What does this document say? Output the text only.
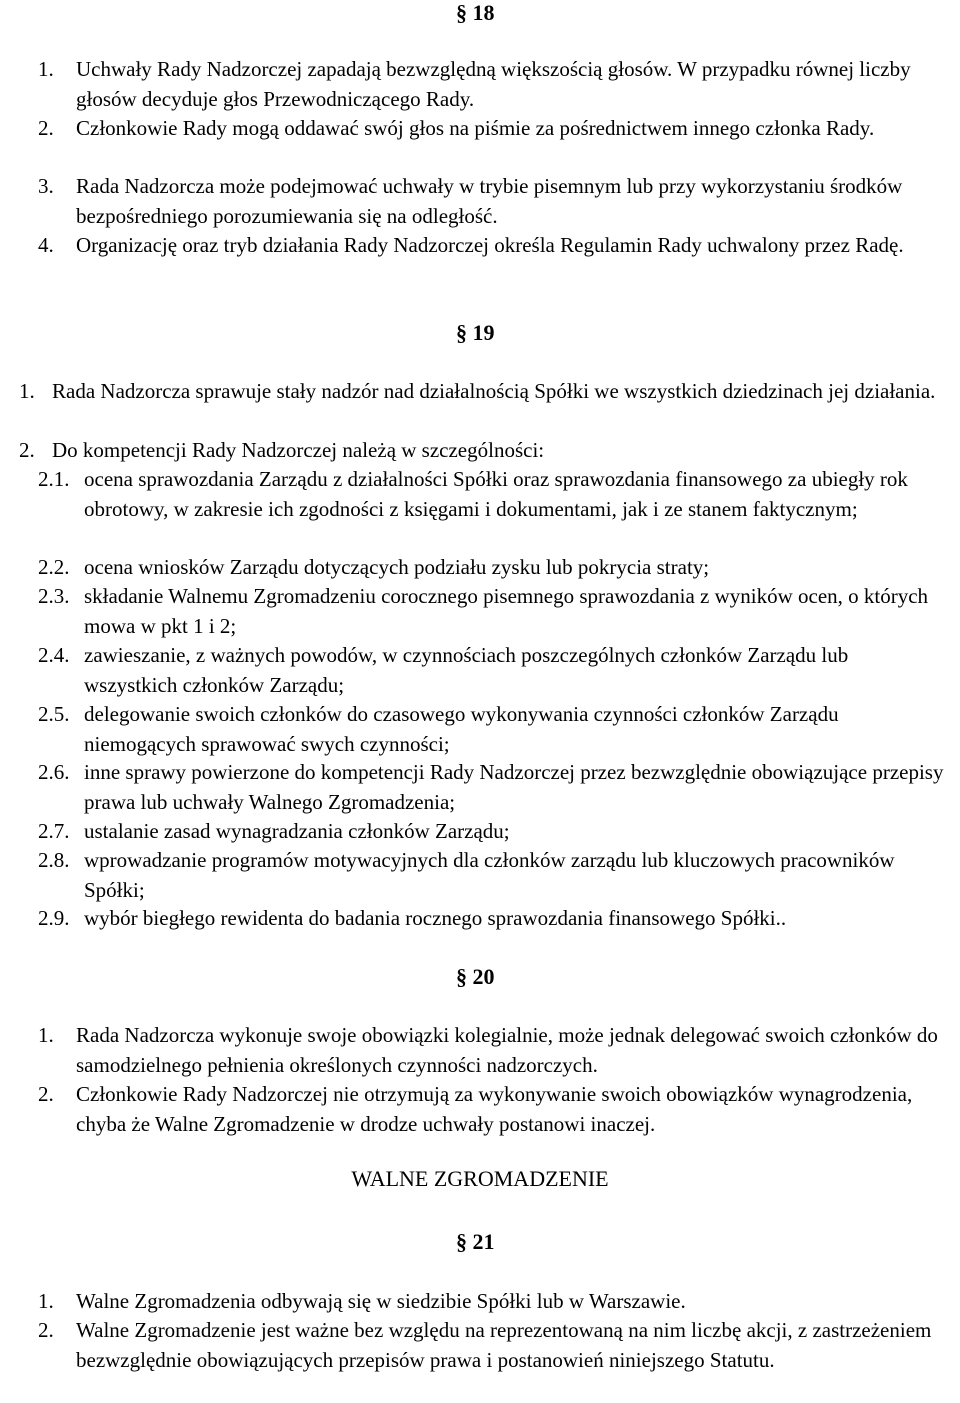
§ 18
1.	Uchwały Rady Nadzorczej zapadają bezwzględną większością głosów. W przypadku równej liczby głosów decyduje głos Przewodniczącego Rady.
2.	Członkowie Rady mogą oddawać swój głos na piśmie za pośrednictwem innego członka Rady.
3.	Rada Nadzorcza może podejmować uchwały w trybie pisemnym lub przy wykorzystaniu środków bezpośredniego porozumiewania się na odległość.
4.	Organizację oraz tryb działania Rady Nadzorczej określa Regulamin Rady uchwalony przez Radę.
§ 19
1. Rada Nadzorcza sprawuje stały nadzór nad działalnością Spółki we wszystkich dziedzinach jej działania.
2. Do kompetencji Rady Nadzorczej należą w szczególności:
2.1. ocena sprawozdania Zarządu z działalności Spółki oraz sprawozdania finansowego za ubiegły rok obrotowy, w zakresie ich zgodności z księgami i dokumentami, jak i ze stanem faktycznym;
2.2. ocena wniosków Zarządu dotyczących podziału zysku lub pokrycia straty;
2.3. składanie Walnemu Zgromadzeniu corocznego pisemnego sprawozdania z wyników ocen, o których mowa w pkt 1 i 2;
2.4. zawieszanie, z ważnych powodów, w czynnościach poszczególnych członków Zarządu lub wszystkich członków Zarządu;
2.5. delegowanie swoich członków do czasowego wykonywania czynności członków Zarządu niemogących sprawować swych czynności;
2.6. inne sprawy powierzone do kompetencji Rady Nadzorczej przez bezwzględnie obowiązujące przepisy prawa lub uchwały Walnego Zgromadzenia;
2.7. ustalanie zasad wynagradzania członków Zarządu;
2.8. wprowadzanie programów motywacyjnych dla członków zarządu lub kluczowych pracowników Spółki;
2.9. wybór biegłego rewidenta do badania rocznego sprawozdania finansowego Spółki..
§ 20
1.	Rada Nadzorcza wykonuje swoje obowiązki kolegialnie, może jednak delegować swoich członków do samodzielnego pełnienia określonych czynności nadzorczych.
2.	Członkowie Rady Nadzorczej nie otrzymują za wykonywanie swoich obowiązków wynagrodzenia, chyba że Walne Zgromadzenie w drodze uchwały postanowi inaczej.
WALNE ZGROMADZENIE
§ 21
1.	Walne Zgromadzenia odbywają się w siedzibie Spółki lub w Warszawie.
2.	Walne Zgromadzenie jest ważne bez względu na reprezentowaną na nim liczbę akcji, z zastrzeżeniem bezwzględnie obowiązujących przepisów prawa i postanowień niniejszego Statutu.
